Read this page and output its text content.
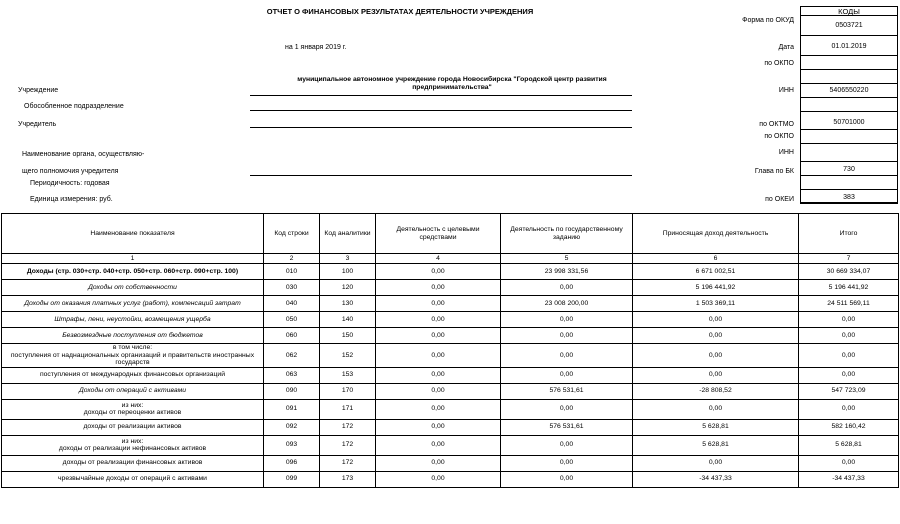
ОТЧЕТ О ФИНАНСОВЫХ РЕЗУЛЬТАТАХ ДЕЯТЕЛЬНОСТИ УЧРЕЖДЕНИЯ	КОДЫ
Форма по ОКУД
0503721
на 1 января 2019 г.	Дата	01.01.2019
по ОКПО
Учреждение
муниципальное автономное учреждение города Новосибирска "Городской центр развития предпринимательства"	ИНН	5406550220
Обособленное подразделение
Учредитель	по ОКТМО	50701000
по ОКПО
Наименование органа, осуществляю-	ИНН
щего полномочия учредителя	Глава по БК	730
Периодичность: годовая
Единица измерения: руб.	по ОКЕИ	383
Наименование показателя	Код строки	Код аналитики	Деятельность с целевыми средствами	Деятельность по государственному заданию	Приносящая доход деятельность	Итого
1	2	3	4	5	6	7
Доходы (стр. 030+стр. 040+стр. 050+стр. 060+стр. 090+стр. 100)	010	100	0,00	23 998 331,56	6 671 002,51	30 669 334,07
Доходы от собственности	030	120	0,00	0,00	5 196 441,92	5 196 441,92
Доходы от оказания платных услуг (работ), компенсаций затрат	040	130	0,00	23 008 200,00	1 503 369,11	24 511 569,11
Штрафы, пени, неустойки, возмещения ущерба	050	140	0,00	0,00	0,00	0,00
Безвозмездные поступления от бюджетов	060	150	0,00	0,00	0,00	0,00
в том числе:
поступления от наднациональных организаций и правительств иностранных государств	062	152	0,00	0,00	0,00	0,00
поступления от международных финансовых организаций	063	153	0,00	0,00	0,00	0,00
Доходы от операций с активами	090	170	0,00	576 531,61	-28 808,52	547 723,09
из них:
доходы от переоценки активов	091	171	0,00	0,00	0,00	0,00
доходы от реализации активов	092	172	0,00	576 531,61	5 628,81	582 160,42
из них:
доходы от реализации нефинансовых активов	093	172	0,00	0,00	5 628,81	5 628,81
доходы от реализации финансовых активов	096	172	0,00	0,00	0,00	0,00
чрезвычайные доходы от операций с активами	099	173	0,00	0,00	-34 437,33	-34 437,33
